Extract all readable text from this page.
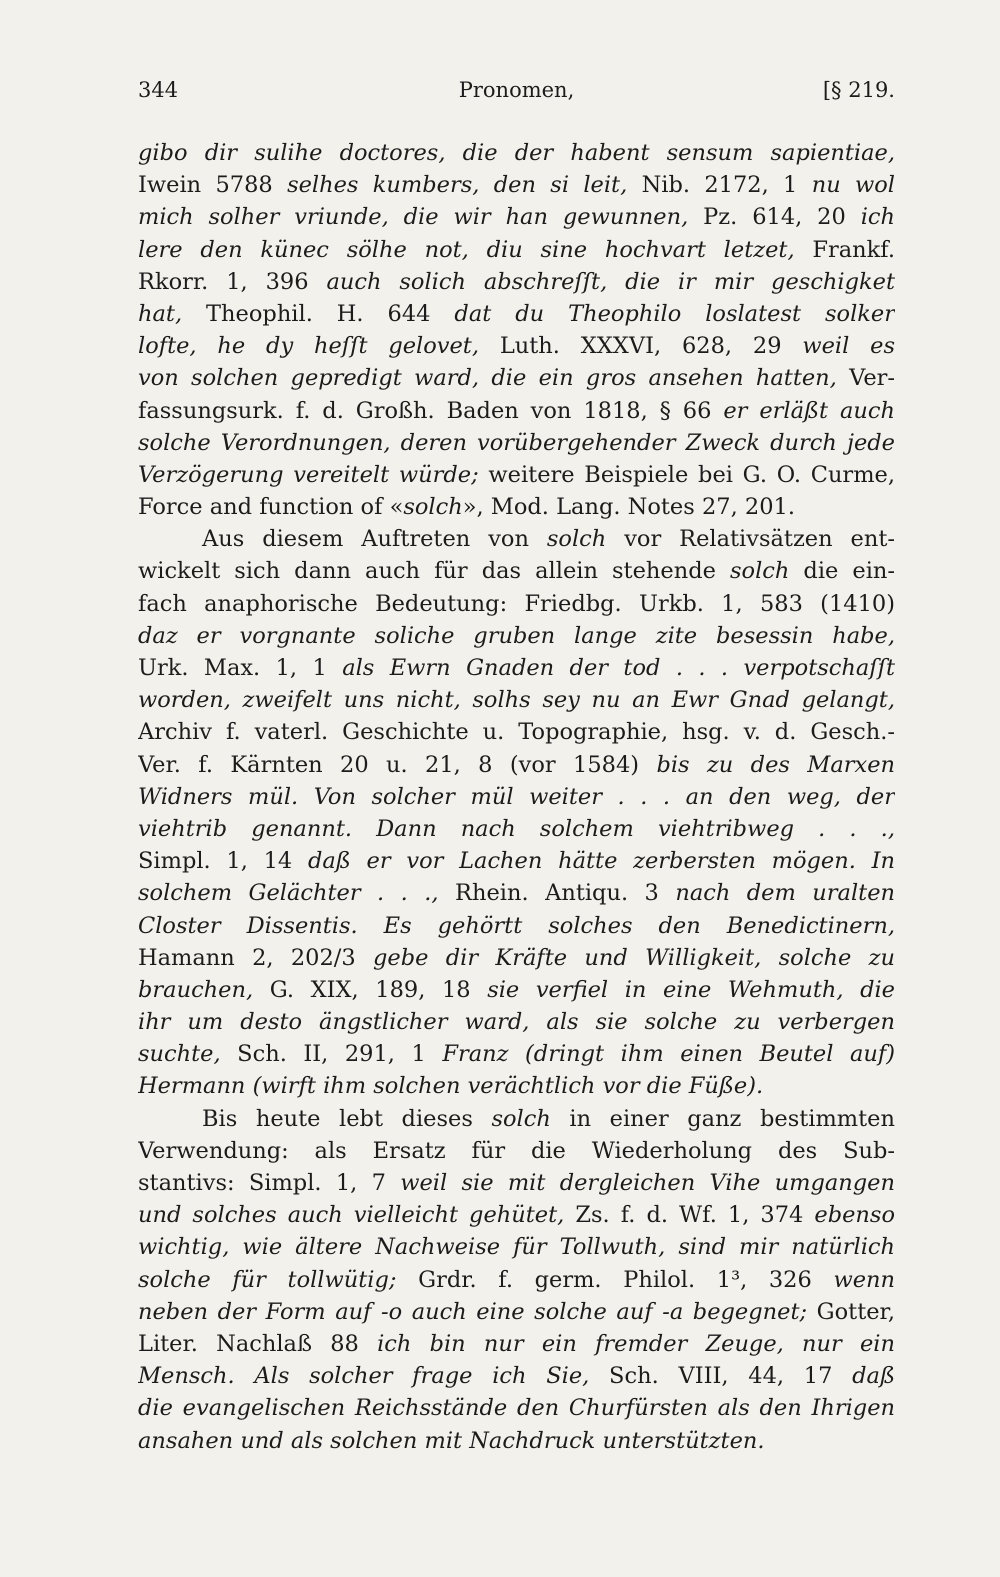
344	Pronomen,	[§ 219.
gibo dir sulihe doctores, die der habent sensum sapientiae,
Iwein 5788 selhes kumbers, den si leit, Nib. 2172, 1 nu wol
mich solher vriunde, die wir han gewunnen, Pz. 614, 20 ich
lere den künec sölhe not, diu sine hochvart letzet, Frankf.
Rkorr. 1, 396 auch solich abschreſſt, die ir mir geschigket
hat, Theophil. H. 644 dat du Theophilo loslatest solker
lofte, he dy heſſt gelovet, Luth. XXXVI, 628, 29 weil es
von solchen gepredigt ward, die ein gros ansehen hatten, Ver-
fassungsurk. f. d. Großh. Baden von 1818, § 66 er erläßt auch
solche Verordnungen, deren vorübergehender Zweck durch jede
Verzögerung vereitelt würde; weitere Beispiele bei G. O. Curme,
Force and function of «solch», Mod. Lang. Notes 27, 201.
Aus diesem Auftreten von solch vor Relativsätzen ent-
wickelt sich dann auch für das allein stehende solch die ein-
fach anaphorische Bedeutung: Friedbg. Urkb. 1, 583 (1410)
daz er vorgnante soliche gruben lange zite besessin habe,
Urk. Max. 1, 1 als Ewrn Gnaden der tod . . . verpotschaſſt
worden, zweifelt uns nicht, solhs sey nu an Ewr Gnad gelangt,
Archiv f. vaterl. Geschichte u. Topographie, hsg. v. d. Gesch.-
Ver. f. Kärnten 20 u. 21, 8 (vor 1584) bis zu des Marxen
Widners mül. Von solcher mül weiter . . . an den weg, der
viehtrib genannt. Dann nach solchem viehtribweg . . .,
Simpl. 1, 14 daß er vor Lachen hätte zerbersten mögen. In
solchem Gelächter . . ., Rhein. Antiqu. 3 nach dem uralten
Closter Dissentis. Es gehörtt solches den Benedictinern,
Hamann 2, 202/3 gebe dir Kräfte und Willigkeit, solche zu
brauchen, G. XIX, 189, 18 sie verfiel in eine Wehmuth, die
ihr um desto ängstlicher ward, als sie solche zu verbergen
suchte, Sch. II, 291, 1 Franz (dringt ihm einen Beutel auf)
Hermann (wirft ihm solchen verächtlich vor die Füße).
Bis heute lebt dieses solch in einer ganz bestimmten
Verwendung: als Ersatz für die Wiederholung des Sub-
stantivs: Simpl. 1, 7 weil sie mit dergleichen Vihe umgangen
und solches auch vielleicht gehütet, Zs. f. d. Wf. 1, 374 ebenso
wichtig, wie ältere Nachweise für Tollwuth, sind mir natürlich
solche für tollwütig; Grdr. f. germ. Philol. 1³, 326 wenn
neben der Form auf -o auch eine solche auf -a begegnet; Gotter,
Liter. Nachlaß 88 ich bin nur ein fremder Zeuge, nur ein
Mensch. Als solcher frage ich Sie, Sch. VIII, 44, 17 daß
die evangelischen Reichsstände den Churfürsten als den Ihrigen
ansahen und als solchen mit Nachdruck unterstützten.
